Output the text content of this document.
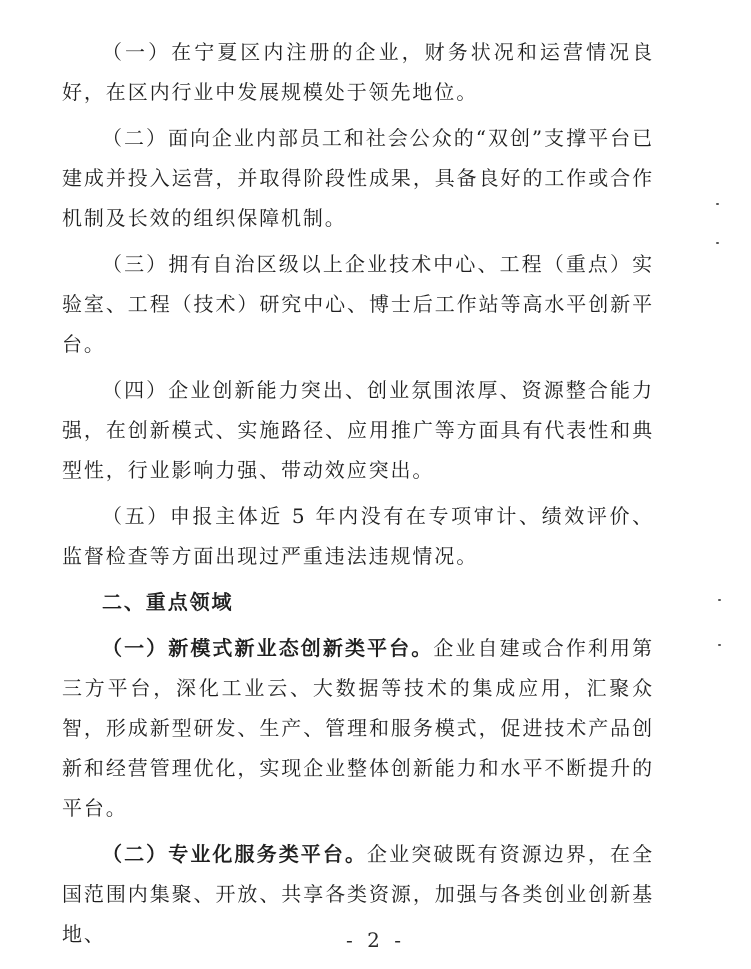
（一）在宁夏区内注册的企业，财务状况和运营情况良好，在区内行业中发展规模处于领先地位。

（二）面向企业内部员工和社会公众的“双创”支撑平台已建成并投入运营，并取得阶段性成果，具备良好的工作或合作机制及长效的组织保障机制。

（三）拥有自治区级以上企业技术中心、工程（重点）实验室、工程（技术）研究中心、博士后工作站等高水平创新平台。

（四）企业创新能力突出、创业氛围浓厚、资源整合能力强，在创新模式、实施路径、应用推广等方面具有代表性和典型性，行业影响力强、带动效应突出。

（五）申报主体近 5 年内没有在专项审计、绩效评价、监督检查等方面出现过严重违法违规情况。

二、重点领域

（一）新模式新业态创新类平台。企业自建或合作利用第三方平台，深化工业云、大数据等技术的集成应用，汇聚众智，形成新型研发、生产、管理和服务模式，促进技术产品创新和经营管理优化，实现企业整体创新能力和水平不断提升的平台。

（二）专业化服务类平台。企业突破既有资源边界，在全国范围内集聚、开放、共享各类资源，加强与各类创业创新基地、	- 2 -
